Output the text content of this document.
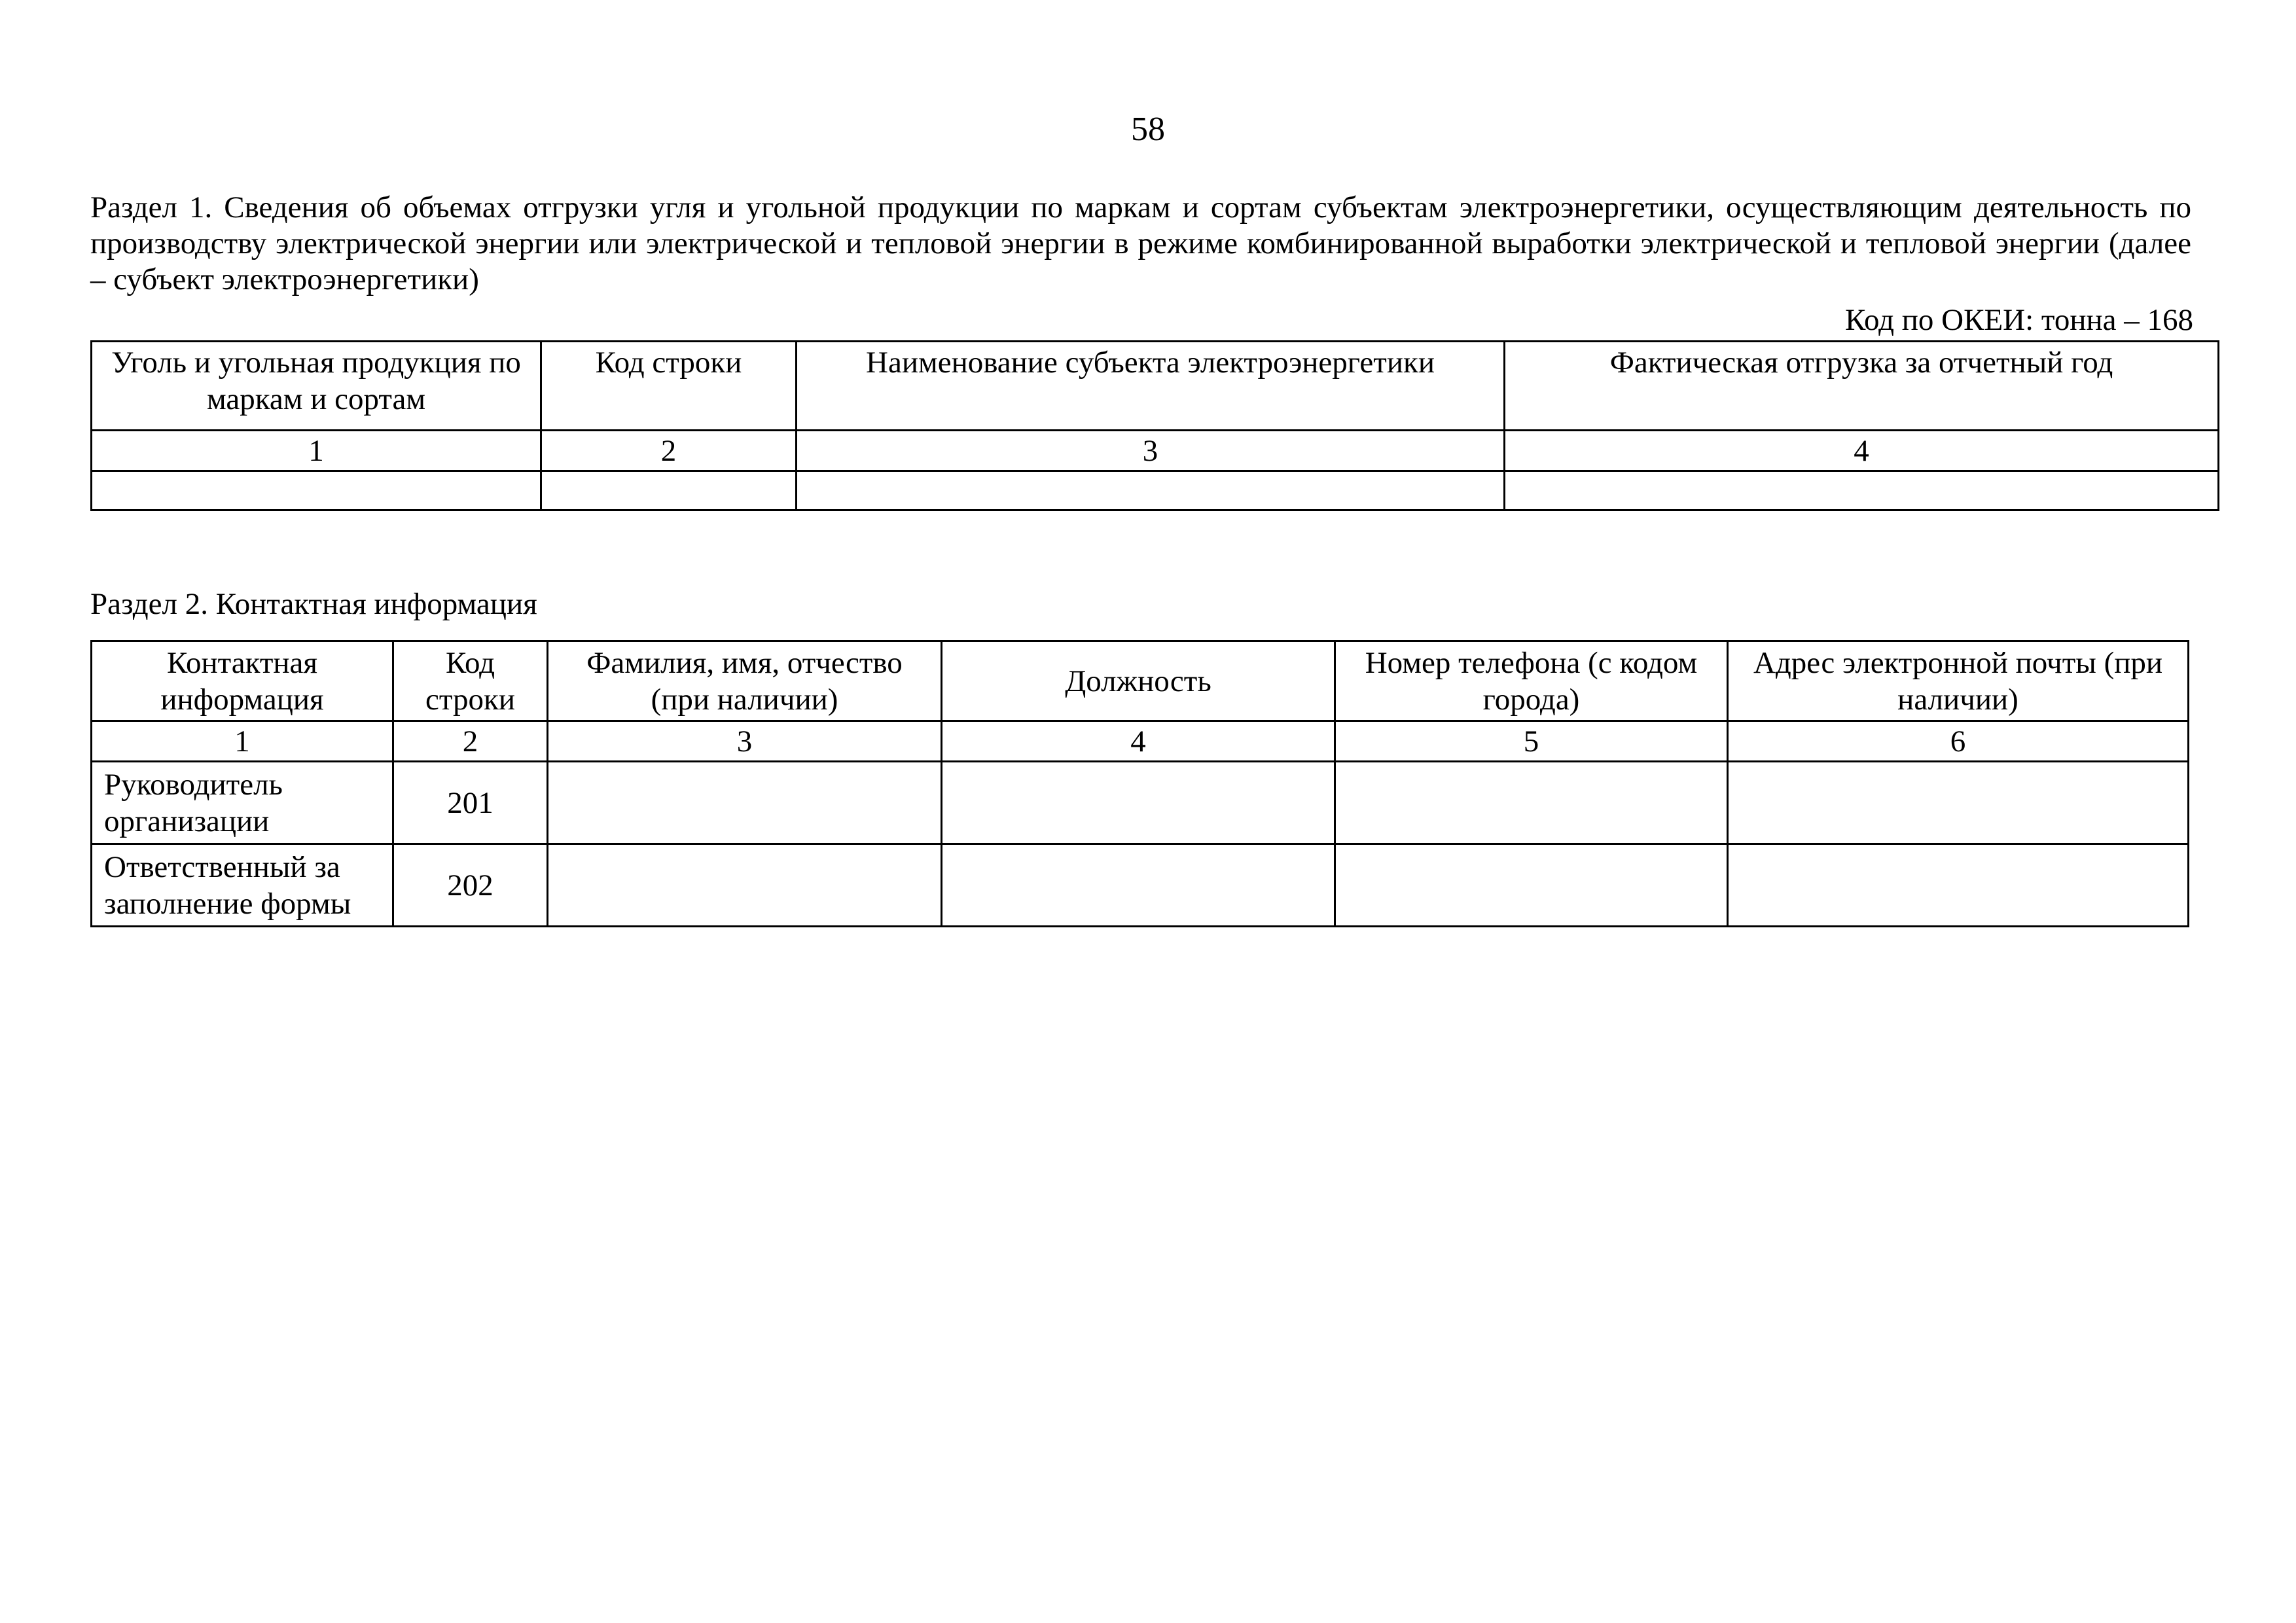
58
Раздел 1. Сведения об объемах отгрузки угля и угольной продукции по маркам и сортам субъектам электроэнергетики, осуществляющим деятельность по производству электрической энергии или электрической и тепловой энергии в режиме комбинированной выработки электрической и тепловой энергии (далее – субъект электроэнергетики)
Код по ОКЕИ: тонна – 168
Уголь и угольная продукция по маркам и сортам	Код строки	Наименование субъекта электроэнергетики	Фактическая отгрузка за отчетный год
1	2	3	4

Раздел 2. Контактная информация
Контактная информация	Код строки	Фамилия, имя, отчество (при наличии)	Должность	Номер телефона (с кодом города)	Адрес электронной почты (при наличии)
1	2	3	4	5	6
Руководитель организации	201				
Ответственный за заполнение формы	202				
